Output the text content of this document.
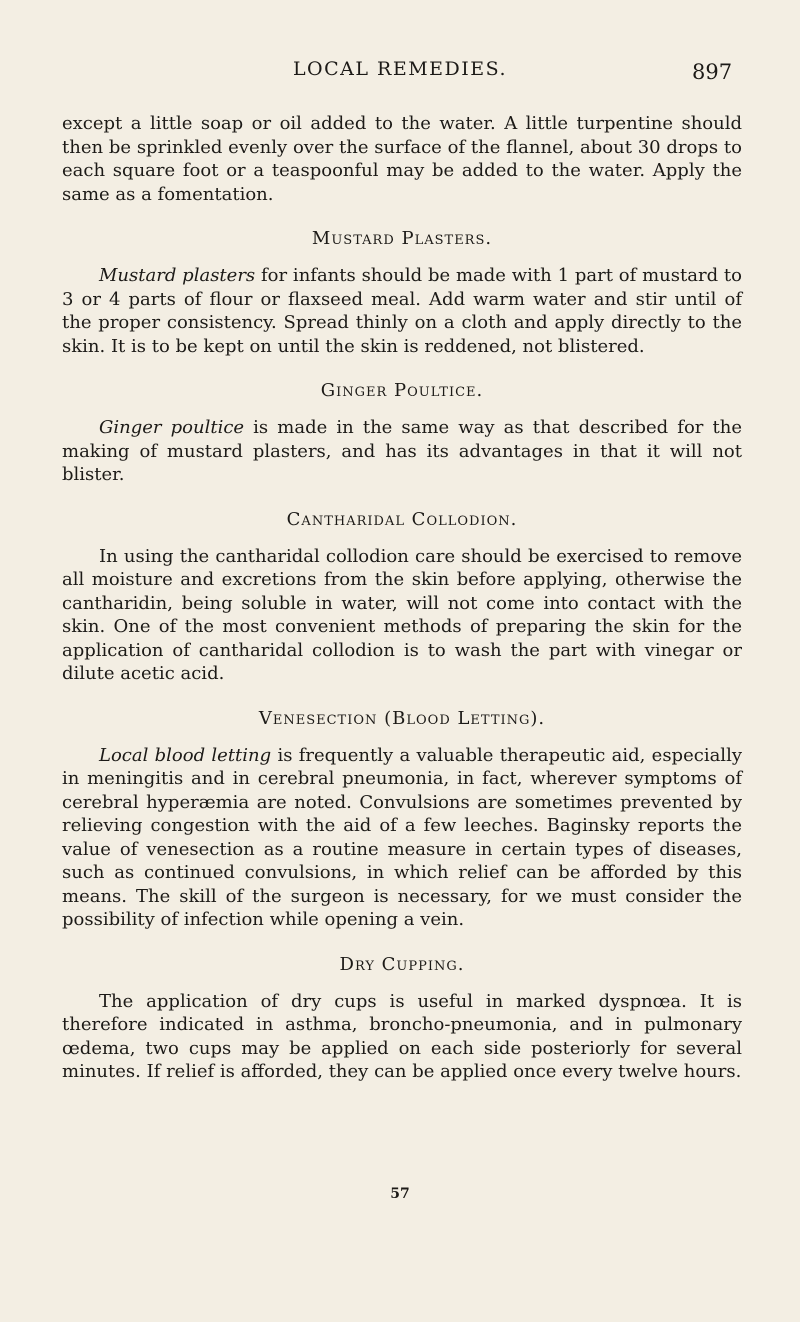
LOCAL REMEDIES.	897

except a little soap or oil added to the water. A little turpentine should then be sprinkled evenly over the surface of the flannel, about 30 drops to each square foot or a teaspoonful may be added to the water. Apply the same as a fomentation.

Mustard Plasters.

Mustard plasters for infants should be made with 1 part of mustard to 3 or 4 parts of flour or flaxseed meal. Add warm water and stir until of the proper consistency. Spread thinly on a cloth and apply directly to the skin. It is to be kept on until the skin is reddened, not blistered.

Ginger Poultice.

Ginger poultice is made in the same way as that described for the making of mustard plasters, and has its advantages in that it will not blister.

Cantharidal Collodion.

In using the cantharidal collodion care should be exercised to remove all moisture and excretions from the skin before applying, otherwise the cantharidin, being soluble in water, will not come into contact with the skin. One of the most convenient methods of preparing the skin for the application of cantharidal collodion is to wash the part with vinegar or dilute acetic acid.

Venesection (Blood Letting).

Local blood letting is frequently a valuable therapeutic aid, especially in meningitis and in cerebral pneumonia, in fact, wherever symptoms of cerebral hyperæmia are noted. Convulsions are sometimes prevented by relieving congestion with the aid of a few leeches. Baginsky reports the value of venesection as a routine measure in certain types of diseases, such as continued convulsions, in which relief can be afforded by this means. The skill of the surgeon is necessary, for we must consider the possibility of infection while opening a vein.

Dry Cupping.

The application of dry cups is useful in marked dyspnœa. It is therefore indicated in asthma, broncho-pneumonia, and in pulmonary œdema, two cups may be applied on each side posteriorly for several minutes. If relief is afforded, they can be applied once every twelve hours.

57
